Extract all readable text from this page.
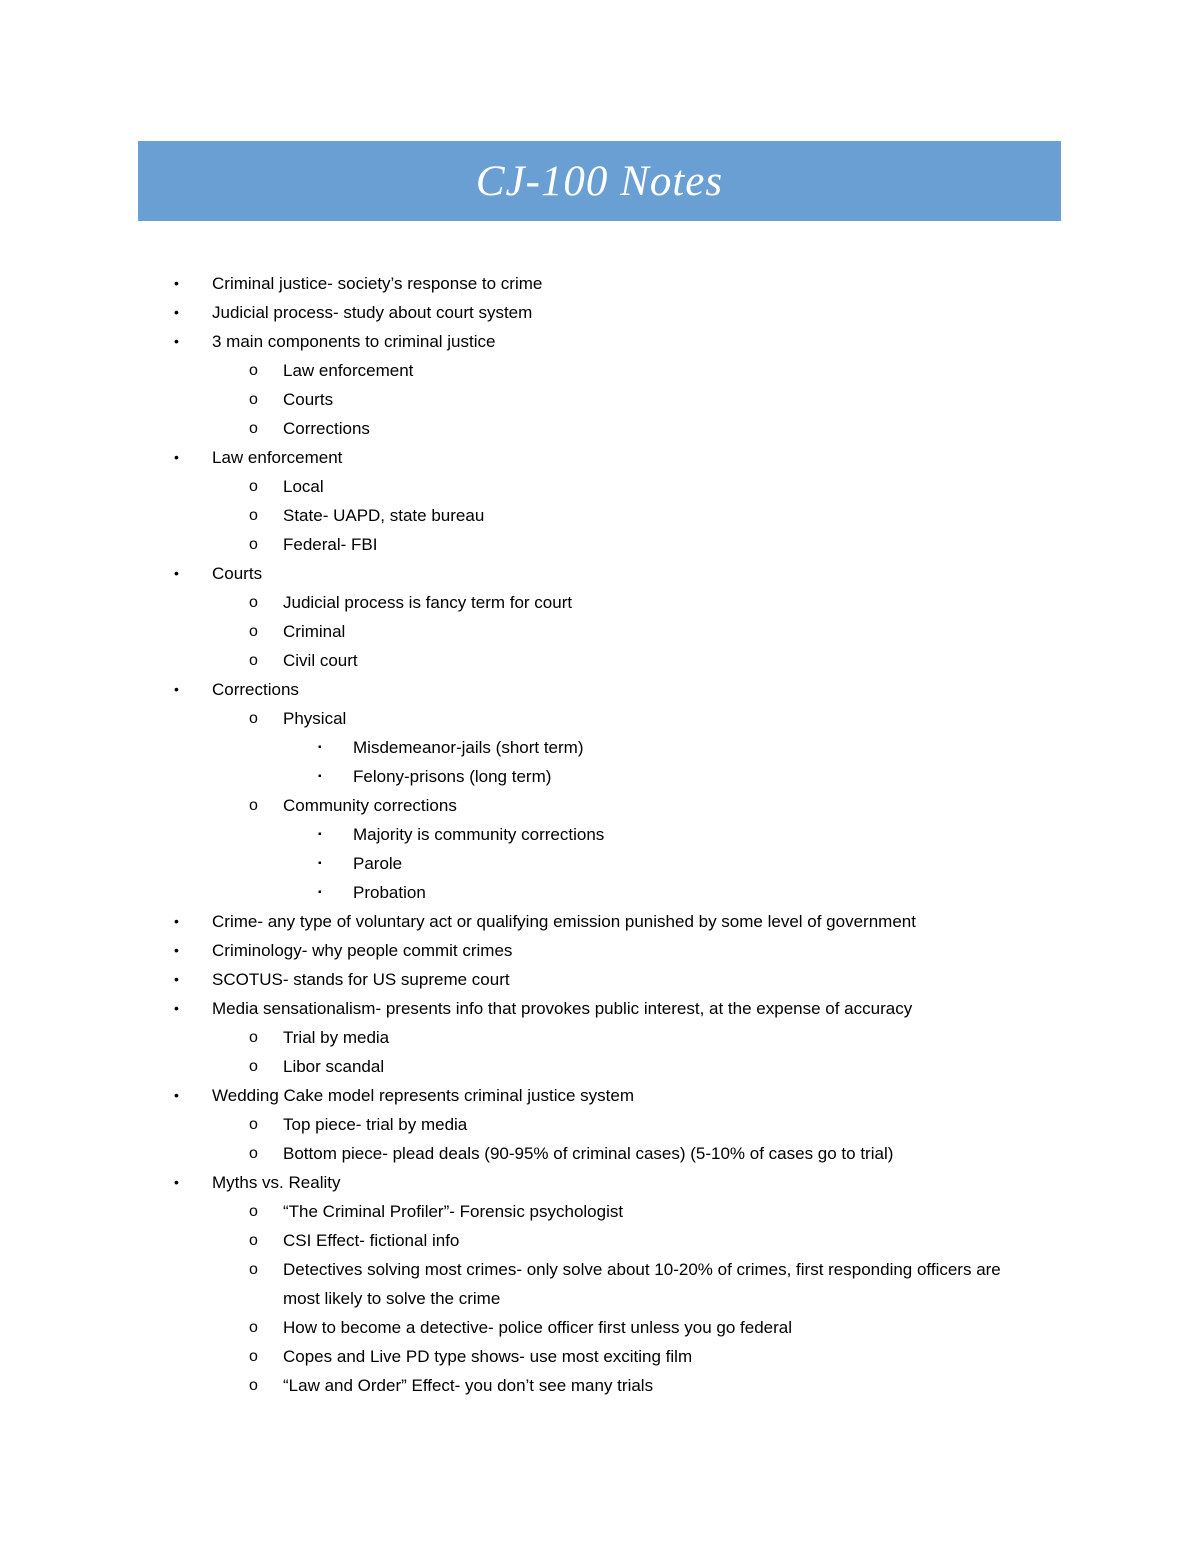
CJ-100 Notes
• Criminal justice- society’s response to crime
• Judicial process- study about court system
• 3 main components to criminal justice
o Law enforcement
o Courts
o Corrections
• Law enforcement
o Local
o State- UAPD, state bureau
o Federal- FBI
• Courts
o Judicial process is fancy term for court
o Criminal
o Civil court
• Corrections
o Physical
▪ Misdemeanor-jails (short term)
▪ Felony-prisons (long term)
o Community corrections
▪ Majority is community corrections
▪ Parole
▪ Probation
• Crime- any type of voluntary act or qualifying emission punished by some level of government
• Criminology- why people commit crimes
• SCOTUS- stands for US supreme court
• Media sensationalism- presents info that provokes public interest, at the expense of accuracy
o Trial by media
o Libor scandal
• Wedding Cake model represents criminal justice system
o Top piece- trial by media
o Bottom piece- plead deals (90-95% of criminal cases) (5-10% of cases go to trial)
• Myths vs. Reality
o “The Criminal Profiler”- Forensic psychologist
o CSI Effect- fictional info
o Detectives solving most crimes- only solve about 10-20% of crimes, first responding officers are
most likely to solve the crime
o How to become a detective- police officer first unless you go federal
o Copes and Live PD type shows- use most exciting film
o “Law and Order” Effect- you don’t see many trials
